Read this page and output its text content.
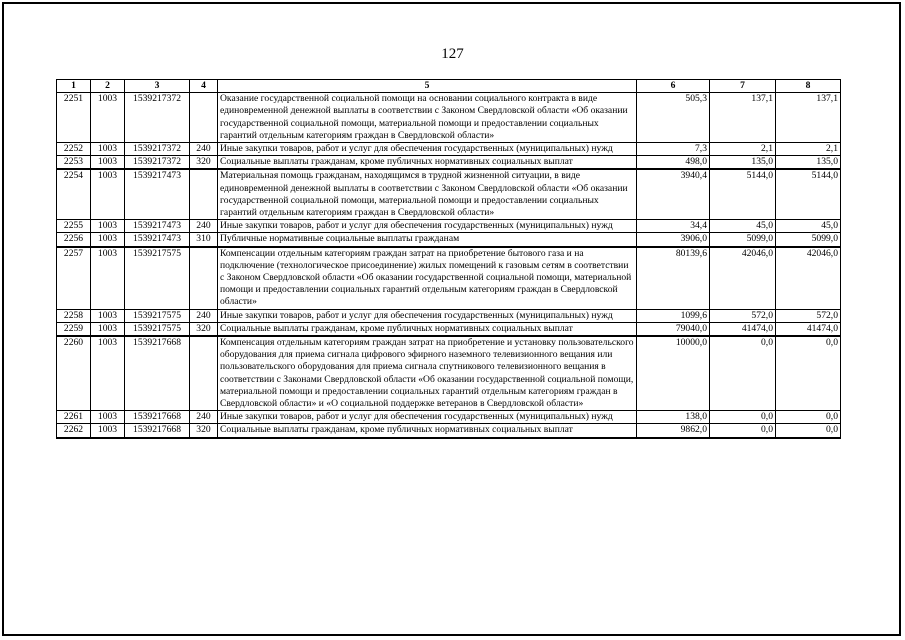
127
1	2	3	4	5	6	7	8
2251	1003	1539217372		Оказание государственной социальной помощи на основании социального контракта в виде единовременной денежной выплаты в соответствии с Законом Свердловской области «Об оказании государственной социальной помощи, материальной помощи и предоставлении социальных гарантий отдельным категориям граждан в Свердловской области»	505,3	137,1	137,1
2252	1003	1539217372	240	Иные закупки товаров, работ и услуг для обеспечения государственных (муниципальных) нужд	7,3	2,1	2,1
2253	1003	1539217372	320	Социальные выплаты гражданам, кроме публичных нормативных социальных выплат	498,0	135,0	135,0
2254	1003	1539217473		Материальная помощь гражданам, находящимся в трудной жизненной ситуации, в виде единовременной денежной выплаты в соответствии с Законом Свердловской области «Об оказании государственной социальной помощи, материальной помощи и предоставлении социальных гарантий отдельным категориям граждан в Свердловской области»	3940,4	5144,0	5144,0
2255	1003	1539217473	240	Иные закупки товаров, работ и услуг для обеспечения государственных (муниципальных) нужд	34,4	45,0	45,0
2256	1003	1539217473	310	Публичные нормативные социальные выплаты гражданам	3906,0	5099,0	5099,0
2257	1003	1539217575		Компенсации отдельным категориям граждан затрат на приобретение бытового газа и на подключение (технологическое присоединение) жилых помещений к газовым сетям в соответствии с Законом Свердловской области «Об оказании государственной социальной помощи, материальной помощи и предоставлении социальных гарантий отдельным категориям граждан в Свердловской области»	80139,6	42046,0	42046,0
2258	1003	1539217575	240	Иные закупки товаров, работ и услуг для обеспечения государственных (муниципальных) нужд	1099,6	572,0	572,0
2259	1003	1539217575	320	Социальные выплаты гражданам, кроме публичных нормативных социальных выплат	79040,0	41474,0	41474,0
2260	1003	1539217668		Компенсация отдельным категориям граждан затрат на приобретение и установку пользовательского оборудования для приема сигнала цифрового эфирного наземного телевизионного вещания или пользовательского оборудования для приема сигнала спутникового телевизионного вещания в соответствии с Законами Свердловской области «Об оказании государственной социальной помощи, материальной помощи и предоставлении социальных гарантий отдельным категориям граждан в Свердловской области» и «О социальной поддержке ветеранов в Свердловской области»	10000,0	0,0	0,0
2261	1003	1539217668	240	Иные закупки товаров, работ и услуг для обеспечения государственных (муниципальных) нужд	138,0	0,0	0,0
2262	1003	1539217668	320	Социальные выплаты гражданам, кроме публичных нормативных социальных выплат	9862,0	0,0	0,0
